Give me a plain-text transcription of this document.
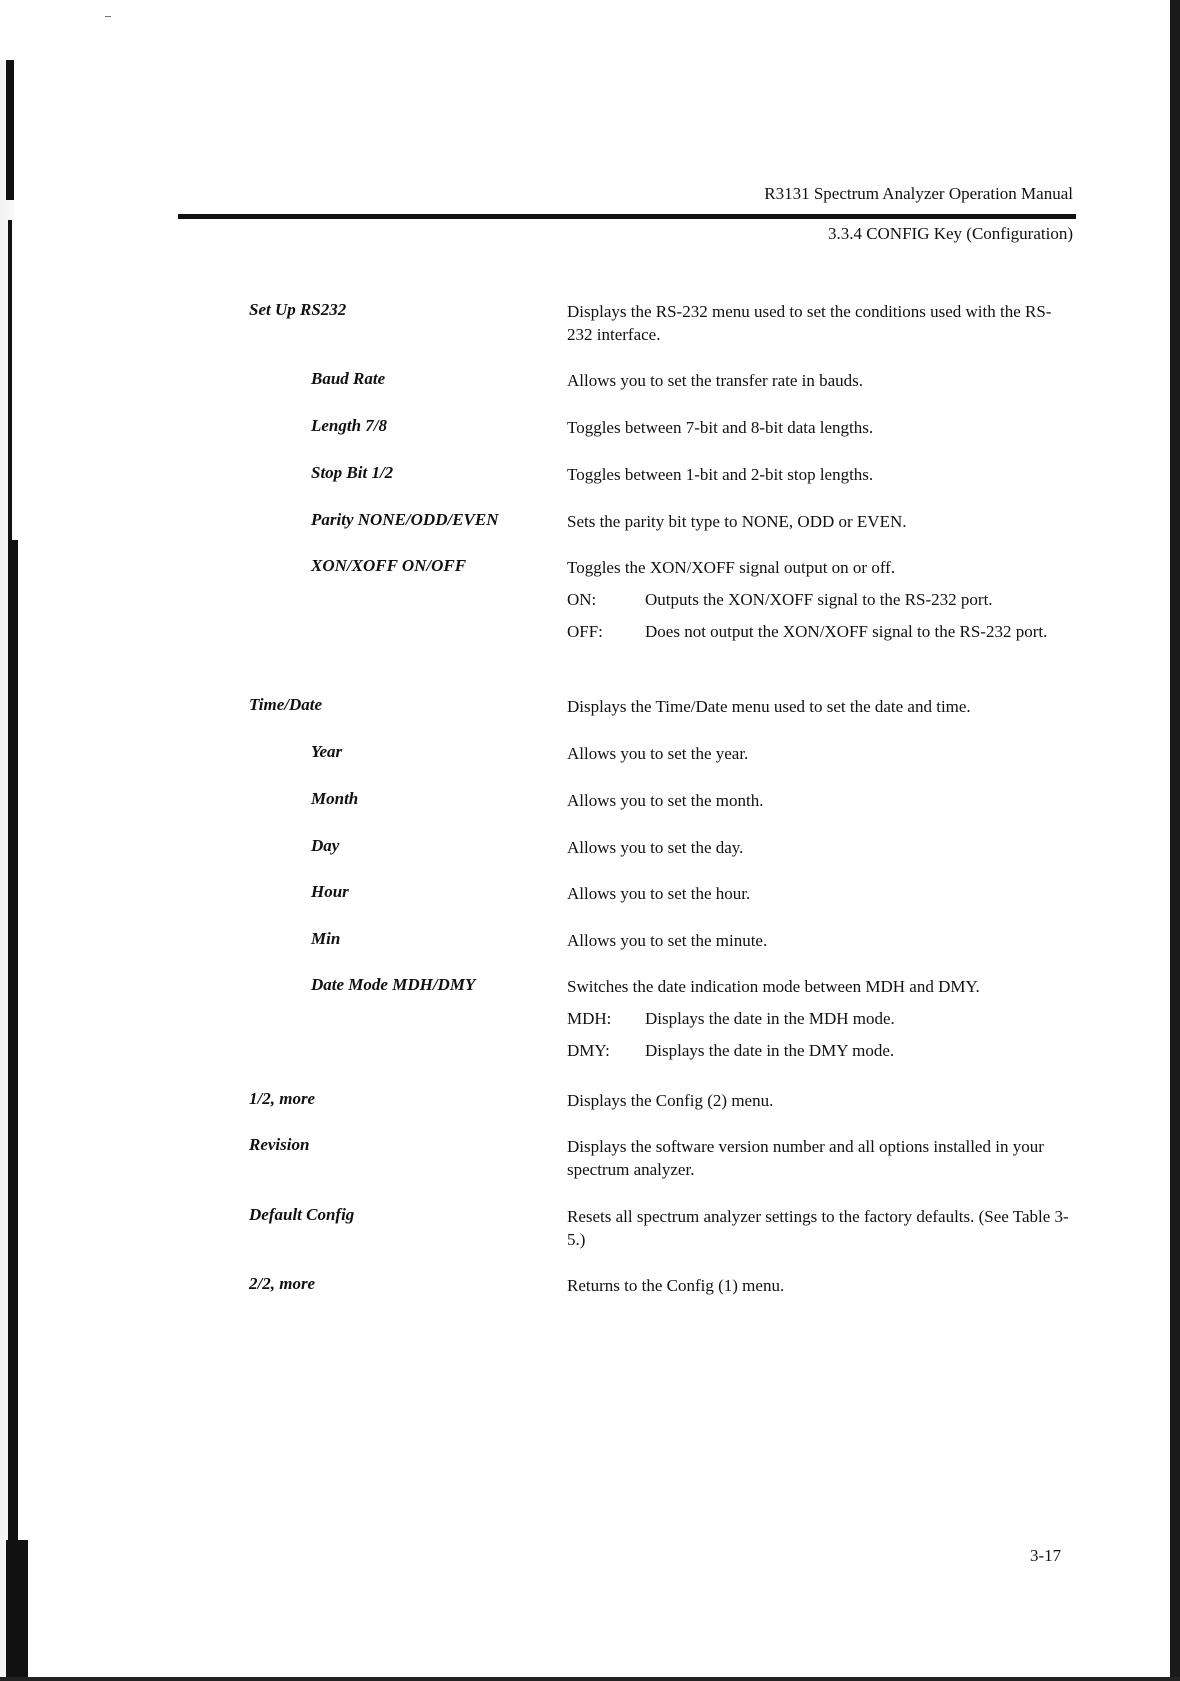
R3131 Spectrum Analyzer Operation Manual
3.3.4 CONFIG Key (Configuration)
Set Up RS232	Displays the RS-232 menu used to set the conditions used with the RS-232 interface.
Baud Rate	Allows you to set the transfer rate in bauds.
Length 7/8	Toggles between 7-bit and 8-bit data lengths.
Stop Bit 1/2	Toggles between 1-bit and 2-bit stop lengths.
Parity NONE/ODD/EVEN	Sets the parity bit type to NONE, ODD or EVEN.
XON/XOFF ON/OFF	Toggles the XON/XOFF signal output on or off.
ON:	Outputs the XON/XOFF signal to the RS-232 port.
OFF: Does not output the XON/XOFF signal to the RS-232 port.
Time/Date	Displays the Time/Date menu used to set the date and time.
Year	Allows you to set the year.
Month	Allows you to set the month.
Day	Allows you to set the day.
Hour	Allows you to set the hour.
Min	Allows you to set the minute.
Date Mode MDH/DMY	Switches the date indication mode between MDH and DMY.
MDH: Displays the date in the MDH mode.
DMY: Displays the date in the DMY mode.
1/2, more	Displays the Config (2) menu.
Revision	Displays the software version number and all options installed in your spectrum analyzer.
Default Config	Resets all spectrum analyzer settings to the factory defaults. (See Table 3-5.)
2/2, more	Returns to the Config (1) menu.
3-17
